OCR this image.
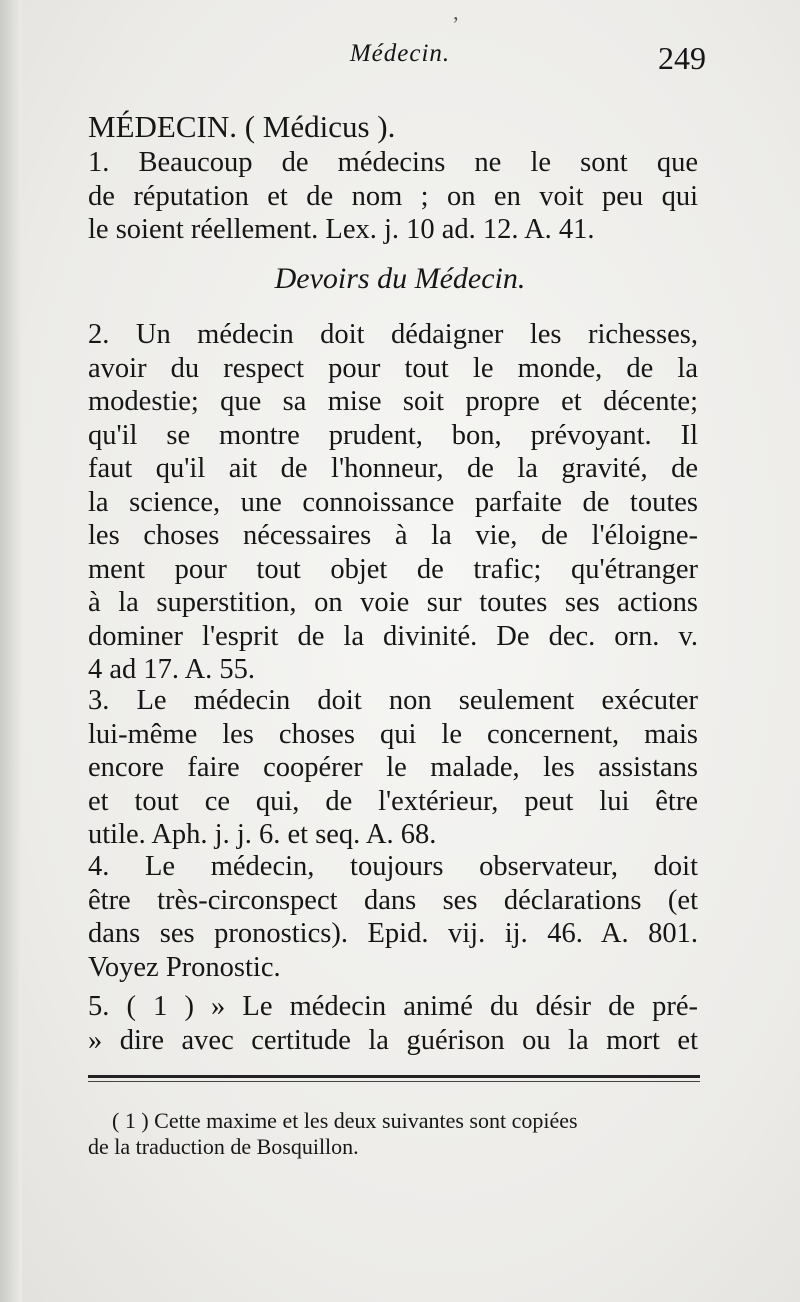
ʼ
Médecin.	249
MÉDECIN. ( Médicus ).
1. Beaucoup de médecins ne le sont que
de réputation et de nom ; on en voit peu qui
le soient réellement. Lex. j. 10 ad. 12. A. 41.
Devoirs du Médecin.
2. Un médecin doit dédaigner les richesses,
avoir du respect pour tout le monde, de la
modestie; que sa mise soit propre et décente;
qu'il se montre prudent, bon, prévoyant. Il
faut qu'il ait de l'honneur, de la gravité, de
la science, une connoissance parfaite de toutes
les choses nécessaires à la vie, de l'éloigne-
ment pour tout objet de trafic; qu'étranger
à la superstition, on voie sur toutes ses actions
dominer l'esprit de la divinité. De dec. orn. v.
4 ad 17. A. 55.
3. Le médecin doit non seulement exécuter
lui-même les choses qui le concernent, mais
encore faire coopérer le malade, les assistans
et tout ce qui, de l'extérieur, peut lui être
utile. Aph. j. j. 6. et seq. A. 68.
4. Le médecin, toujours observateur, doit
être très-circonspect dans ses déclarations (et
dans ses pronostics). Epid. vij. ij. 46. A. 801.
Voyez Pronostic.
5. ( 1 ) » Le médecin animé du désir de pré-
» dire avec certitude la guérison ou la mort et
( 1 ) Cette maxime et les deux suivantes sont copiées
de la traduction de Bosquillon.
